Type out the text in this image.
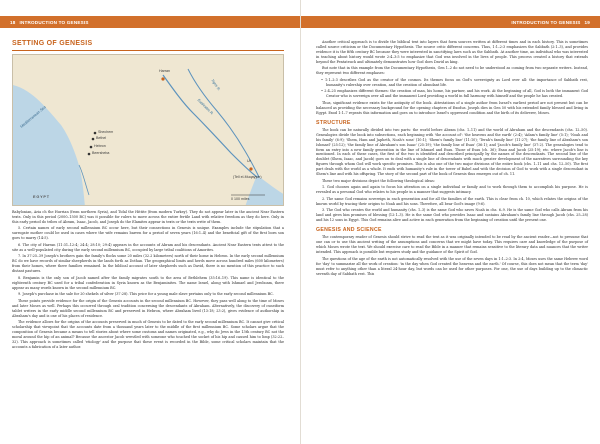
18 INTRODUCTION TO GENESIS	INTRODUCTION TO GENESIS 19
SETTING OF GENESIS
Harran
Euphrates R.
Tigris R.
Mediterranean Sea
Shechem
Bethel
Hebron
Beersheba
EGYPT
Ur
(Tell el-Muqayyar)
0 100 miles
Babylonian, Aria ch the Hurrian (from northern Syria), and Tidal the Hittite (from modern Turkey). They do not appear later in the ancient Near Eastern texts. Only in this period (2000–1500 BC) was it possible for rulers to move across the entire fertile Land with relative freedom as they do here. Only in this early period do tribes of Abram, Isaac, Jacob, and Joseph do the Elamites appear in texts or the texts write of them.
5. Certain names of early second millennium BC occur here, but their connections in Genesis is unique. Examples include the stipulation that a surrogate mother could be used in cases where the wife remains barren for a period of seven years (16:1–4) and the beneficial gift of the first born son goes to marry (14:5).
6. The city of Harran (11:31–12:4; 24:4; 28:10; 29:4) appears in the accounts of Abram and his descendants. Ancient Near Eastern texts attest to the site as a well-populated city during the early second millennium BC, occupied by large tribal coalitions of Amorites.
7. In 37:25–39 Joseph's brothers gain the family's flocks some 20 miles (32.2 kilometers) north of their home in Hebron. In the early second millennium BC do we have records of similar sheepherds in the lands forth as Dothan. The geographical limits and herds move across hundred miles (600 kilometers) from their homes, where there families remained. In the biblical account of later shepherds such as David, there is no mention of this practice to such distant pastures.
8. Benjamin is the only son of Jacob named after the family migrates south to the area of Bethlehem (35:16–19). This name is identical to the eighteenth century BC used for a tribal confederation in Syria known as the Benjaminites. The name Israel, along with Ishmael and Jeroboam, there appear as many words known in the second millennium BC.
9. Joseph's purchase in the sale for 20 shekels of silver (37:28). This price for a young male slave pertains only to the early second millennium BC.
These points provide evidence for the origin of the Genesis accounts in the second millennium BC. However, they pass well along to the time of Moses and later Moses as well. Perhaps this occurred through oral tradition concerning the descendants of Abraham. Alternatively, the discovery of cuneiform tablet writers in the early middle second millennium BC and preserved in Hebron, where Abraham lived (13:18; 23:2), gives evidence of authorship in Abraham's day and is one of his places of residence.
The evidence allows for the origins of the accounts preserved in much of Genesis to be dated to the early second millennium BC. It cannot give critical scholarship that viewpoint that the accounts date from a thousand years later to the middle of the first millennium BC. Some scholars argue that the composition of Genesis became a means to tell stories about where some customs and names originated, e.g., why do Jews in the 13th century BC not the moral around the hip of an animal? Because the ancestor Jacob wrestled with someone who touched the socket of his hip and caused him to limp (32:22–32). This approach is sometimes called 'etiology' and the purpose that these event is recorded in the Bible, some critical scholars maintain that the accounts a fabrication of a later author.
Another critical approach is to divide the biblical text into layers that form sources written at different times and in each history. This is sometimes called source criticism or the Documentary Hypothesis. The source critic different concerns. Thus, 1:1–2:3 emphasizes the Sabbath (2:1–3), and provides evidence it is the fifth century BC because they were interested in sanctifying laws such as the Sabbath. At another time, an individual who was interested in teaching about history would wrote 2:4–3:5 to emphasize that God was involved in the lives of people. This process created a history that extends beyond the Pentateuch and ultimately demonstrates how God does David as king.
But note that in this example from the Documentary Hypothesis, Gen 1–2 do not need to be understood as coming from two separate writers. Instead, they represent two different emphases:
• 1:1–2:3 describes God as the creator of the cosmos. Its themes focus on God's sovereignty as Lord over all: the importance of Sabbath rest, humanity's rulership over creation, and the creation of abundant life.
• 2:4–25 emphasizes different themes: the creation of man, his home, his partner, and his work. At the beginning of all, God is both the immanent God Creator who is sovereign over all and the immanent Lord providing a world in full harmony with himself and the people he has created.
Thus, significant evidence exists for the antiquity of the book. Attestations of a single author from Israel's earliest period are not present but can be balanced as providing the necessary background for the opening chapters of Exodus. Joseph dies in Gen 50 with his extended family blessed and living in Egypt. Exod 1:1–7 repeats this information and goes on to introduce Israel's oppressed condition and the birth of its deliverer, Moses.
STRUCTURE
The book can be naturally divided into two parts: the world before Abram (chs. 1–11) and the world of Abraham and the descendants (chs. 12–50). Genealogies divide the book into subsections, each beginning with 'the account of': 'the heavens and the earth' (2:4); 'Adam's family line' (5:1); 'Noah and his family' (6:9); 'Shem, Ham and Japheth, Noah's sons' (10:1); 'Shem's family line' (11:10); 'Terah's family line' (11:27); 'the family line of Abraham's son Ishmael' (25:12); 'the family line of Abraham's son Isaac' (25:19); 'the family line of Esau' (36:1); and 'Jacob's family line' (37:2). The genealogies tend to form an entry into a new family generation in the line of Ishmael and Esau. Those of Esau (ch. 36); Esau and Jacob (25:19); etc. where Jacob's line is mentioned. In each of these cases, the first of the two is identified and described principally by the names of the descendants. The second line of the doublet (Shem, Isaac, and Jacob) goes on to deal with a single line of descendants with much greater development of the narratives surrounding the key figures through whom God will work specific promises. This is also one of the two major divisions of the entire book (chs. 1–11 and chs. 12–50). The first part deals with the world as a whole. It ends with humanity's rule in the tower of Babel and with the decision of God to work with a single descendant in Shem's line and with his offspring. The story of the second part of the book of Genesis thus emerges out of ch. 11.
These two major divisions depict the following theological ideas:
1. God chooses again and again to focus his attention on a single individual or family and to work through them to accomplish his purpose. He is revealed as a personal God who relates to his people in a manner that suggests intimacy.
2. The same God remains sovereign in each generation and for all the families of the earth. This is clear from ch. 10, which relates the origins of the known world by tracing their origins to Noah and his sons. Therefore, all bear God's image (9:6).
3. The God who creates the world and humanity (chs. 1–3) is the same God who saves Noah in chs. 6–9. He is the same God who calls Abram from his land and gives him promises of blessing (12:1–3). He is the same God who provides Isaac and sustains Abraham's family line through Jacob (chs. 25–28) and his 12 sons in Egypt. This God remains alive and active in each generation from the beginning of creation until the present one.
GENESIS AND SCIENCE
The contemporary reader of Genesis should strive to read the text as it was originally intended to be read by the ancient reader—not to presume that one can or to use this ancient writing of the assumptions and concerns that we might have today. This requires care and knowledge of the purpose of which Moses wrote the text. We should exercise care to read the Bible in a manner that remains sensitive to the literary data and nuances that the writer intended. This approach is possible but requires study and the guidance of the Spirit of God.
The questions of the age of the earth is not automatically resolved with the use of the seven days in 1:1–2:3. In 2:4, Moses uses the same Hebrew word for 'day' to summarize all the work of creation: 'in the day when God created the heavens and the earth.' Of course, this does not mean that the term 'day' must refer to anything other than a literal 24-hour day, but words can be used for other purposes. For one, the use of days building up to the climactic seventh day of Sabbath rest. This
